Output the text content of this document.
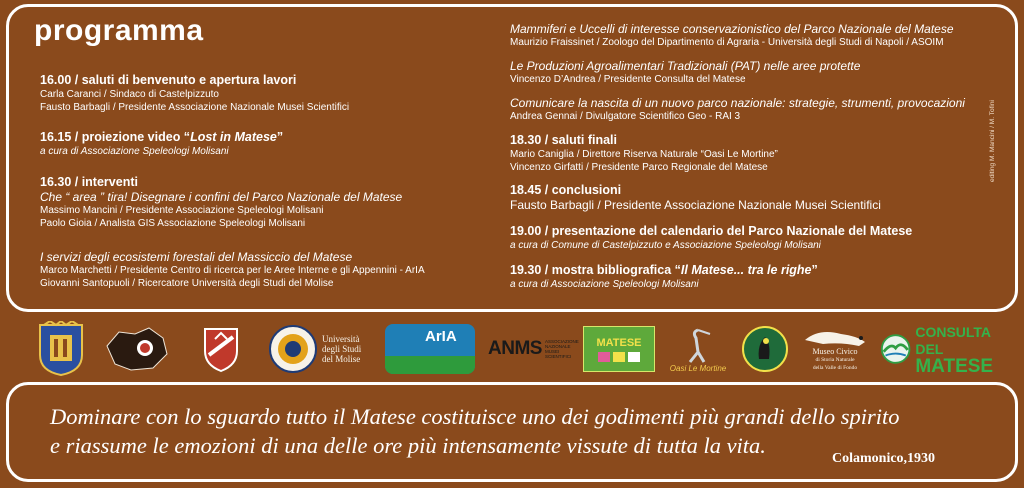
programma
editing M. Mancini / M. Tofini
16.00 / saluti di benvenuto e apertura lavori
Carla Caranci / Sindaco di Castelpizzuto
Fausto Barbagli / Presidente Associazione Nazionale Musei Scientifici
16.15 / proiezione video “Lost in Matese”
a cura di Associazione Speleologi Molisani
16.30 / interventi
Che “ area ” tira! Disegnare i confini del Parco Nazionale del Matese
Massimo Mancini / Presidente Associazione Speleologi Molisani
Paolo Gioia / Analista GIS Associazione Speleologi Molisani
I servizi degli ecosistemi forestali del Massiccio del Matese
Marco Marchetti / Presidente Centro di ricerca per le Aree Interne e gli Appennini - ArIA
Giovanni Santopuoli / Ricercatore Università degli Studi del Molise
Mammiferi e Uccelli di interesse conservazionistico del Parco Nazionale del Matese
Maurizio Fraissinet / Zoologo del Dipartimento di Agraria - Università degli Studi di Napoli / ASOIM
Le Produzioni Agroalimentari Tradizionali (PAT) nelle aree protette
Vincenzo D’Andrea / Presidente Consulta del Matese
Comunicare la nascita di un nuovo parco nazionale: strategie, strumenti, provocazioni
Andrea Gennai / Divulgatore Scientifico Geo - RAI 3
18.30 / saluti finali
Mario Caniglia / Direttore Riserva Naturale “Oasi Le Mortine”
Vincenzo Girfatti / Presidente Parco Regionale del Matese
18.45 / conclusioni
Fausto Barbagli / Presidente Associazione Nazionale Musei Scientifici
19.00 / presentazione del calendario del Parco Nazionale del Matese
a cura di Comune di Castelpizzuto e Associazione Speleologi Molisani
19.30 / mostra bibliografica “Il Matese... tra le righe”
a cura di Associazione Speleologi Molisani
Università
degli Studi
del Molise
ArIA
ANMS ASSOCIAZIONE NAZIONALE MUSEI SCIENTIFICI
MATESE
Oasi Le Mortine
Museo Civico
di Storia Naturale
della Valle di Fondo
CONSULTA DEL
MATESE
Dominare con lo sguardo tutto il Matese costituisce uno dei godimenti più grandi dello spirito
e riassume le emozioni di una delle ore più intensamente vissute di tutta la vita.
Colamonico,1930
